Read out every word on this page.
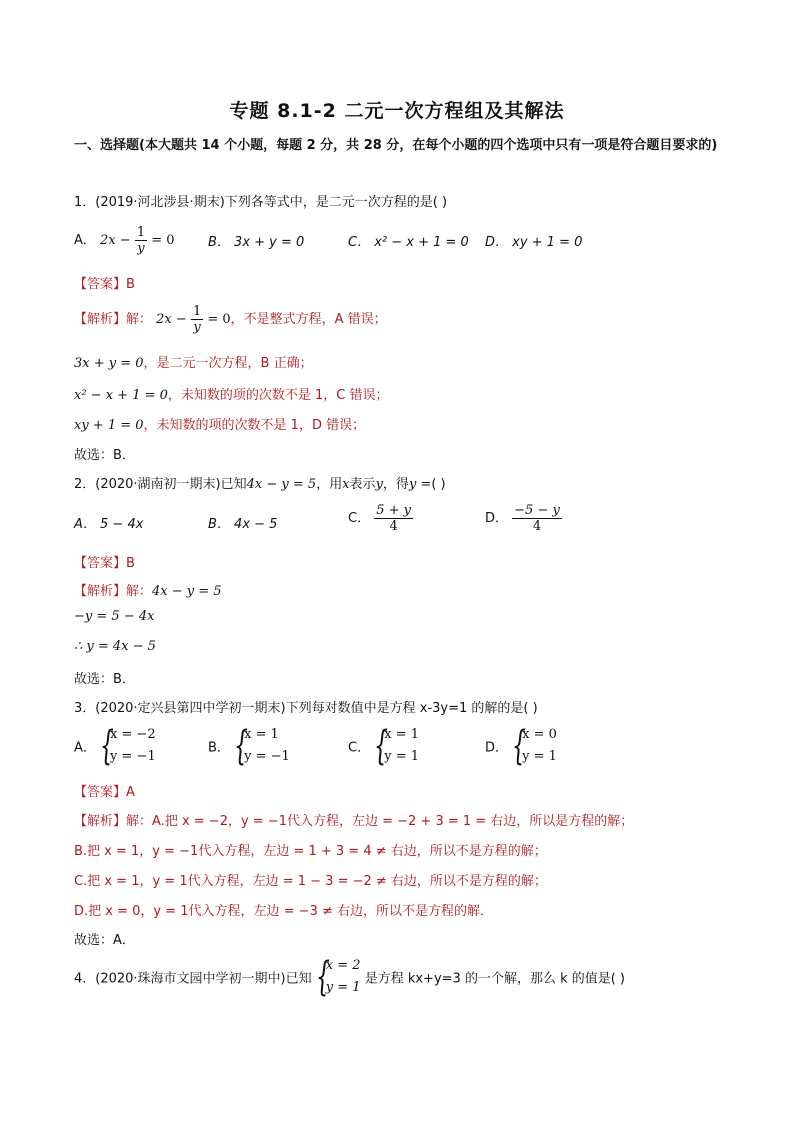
专题 8.1-2 二元一次方程组及其解法
一、选择题(本大题共 14 个小题，每题 2 分，共 28 分，在每个小题的四个选项中只有一项是符合题目要求的)
1．(2019·河北涉县·期末)下列各等式中，是二元一次方程的是( )
A． $2x - \frac{1}{y} = 0$	B． 3x + y = 0	C． x² − x + 1 = 0 D． xy + 1 = 0
【答案】B
【解析】解： $2x - \frac{1}{y} = 0$，不是整式方程，A 错误；
3x + y = 0，是二元一次方程，B 正确；
x² − x + 1 = 0，未知数的项的次数不是 1，C 错误；
xy + 1 = 0，未知数的项的次数不是 1，D 错误；
故选：B．
2．(2020·湖南初一期末)已知4x − y = 5，用x表示y，得y =( )
A． 5 − 4x	B． 4x − 5	C． $\frac{5 + y}{4}$	D． $\frac{-5 - y}{4}$
【答案】B
【解析】解：4x − y = 5
−y = 5 − 4x
∴ y = 4x − 5
故选：B．
3．(2020·定兴县第四中学初一期末)下列每对数值中是方程 x-3y=1 的解的是( )
A． {
x = −2
y = −1
B． {
x = 1
y = −1
C． {
x = 1
y = 1
D． {
x = 0
y = 1
【答案】A
【解析】解：A.把 x = −2，y = −1代入方程，左边 = −2 + 3 = 1 = 右边，所以是方程的解；
B.把 x = 1，y = −1代入方程，左边 = 1 + 3 = 4 ≠ 右边，所以不是方程的解；
C.把 x = 1，y = 1代入方程，左边 = 1 − 3 = −2 ≠ 右边，所以不是方程的解；
D.把 x = 0，y = 1代入方程，左边 = −3 ≠ 右边，所以不是方程的解．
故选：A．
4．(2020·珠海市文园中学初一期中)已知 {
x = 2
y = 1
是方程 kx+y=3 的一个解，那么 k 的值是( )
